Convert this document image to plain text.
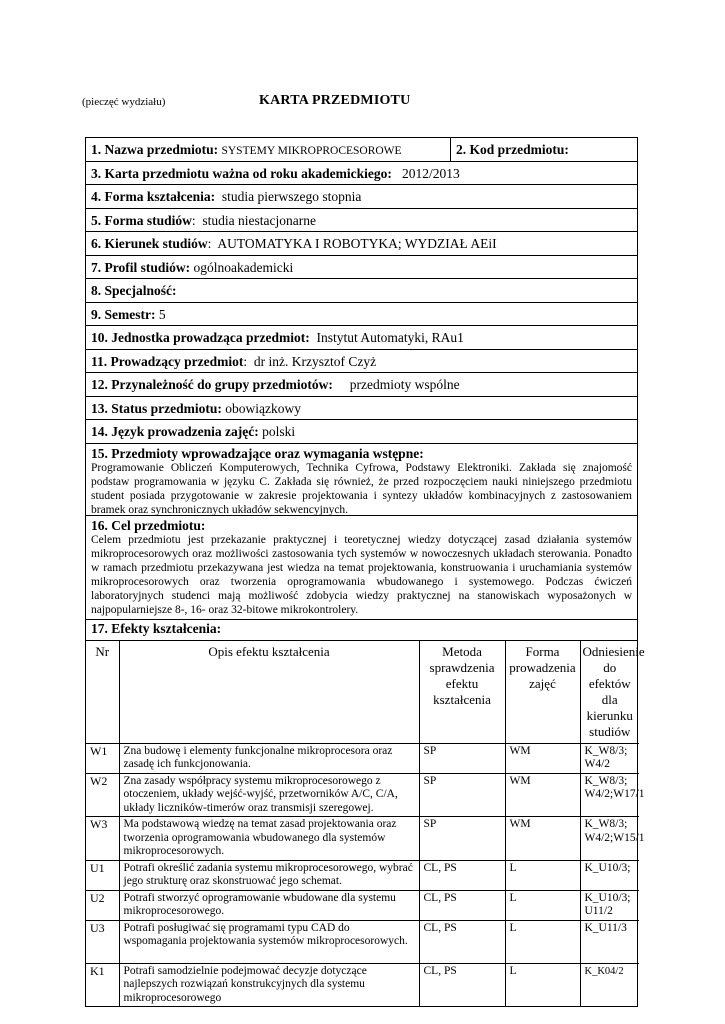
(pieczęć wydziału)	KARTA PRZEDMIOTU
1. Nazwa przedmiotu: SYSTEMY MIKROPROCESOROWE	2. Kod przedmiotu:
3. Karta przedmiotu ważna od roku akademickiego: 2012/2013
4. Forma kształcenia: studia pierwszego stopnia
5. Forma studiów:  studia niestacjonarne
6. Kierunek studiów:  AUTOMATYKA I ROBOTYKA; WYDZIAŁ AEiI
7. Profil studiów: ogólnoakademicki
8. Specjalność:
9. Semestr: 5
10. Jednostka prowadząca przedmiot: Instytut Automatyki, RAu1
11. Prowadzący przedmiot:  dr inż. Krzysztof Czyż
12. Przynależność do grupy przedmiotów: przedmioty wspólne
13. Status przedmiotu: obowiązkowy
14. Język prowadzenia zajęć: polski
15. Przedmioty wprowadzające oraz wymagania wstępne:
Programowanie Obliczeń Komputerowych, Technika Cyfrowa, Podstawy Elektroniki. Zakłada się znajomość podstaw programowania w języku C. Zakłada się również, że przed rozpoczęciem nauki niniejszego przedmiotu student posiada przygotowanie w zakresie projektowania i syntezy układów kombinacyjnych z zastosowaniem bramek oraz synchronicznych układów sekwencyjnych.
16. Cel przedmiotu:
Celem przedmiotu jest przekazanie praktycznej i teoretycznej wiedzy dotyczącej zasad działania systemów mikroprocesorowych oraz możliwości zastosowania tych systemów w nowoczesnych układach sterowania. Ponadto w ramach przedmiotu przekazywana jest wiedza na temat projektowania, konstruowania i uruchamiania systemów mikroprocesorowych oraz tworzenia oprogramowania wbudowanego i systemowego. Podczas ćwiczeń laboratoryjnych studenci mają możliwość zdobycia wiedzy praktycznej na stanowiskach wyposażonych w najpopularniejsze 8-, 16- oraz 32-bitowe mikrokontrolery.
17. Efekty kształcenia:
Nr	Opis efektu kształcenia	Metoda sprawdzenia efektu kształcenia	Forma prowadzenia zajęć	Odniesienie do efektów dla kierunku studiów
W1	Zna budowę i elementy funkcjonalne mikroprocesora oraz zasadę ich funkcjonowania.	SP	WM	K_W8/3; W4/2
W2	Zna zasady współpracy systemu mikroprocesorowego z otoczeniem, układy wejść-wyjść, przetworników A/C, C/A, układy liczników-timerów oraz transmisji szeregowej.	SP	WM	K_W8/3; W4/2;W17/1
W3	Ma podstawową wiedzę na temat zasad projektowania oraz tworzenia oprogramowania wbudowanego dla systemów mikroprocesorowych.	SP	WM	K_W8/3; W4/2;W15/1
U1	Potrafi określić zadania systemu mikroprocesorowego, wybrać jego strukturę oraz skonstruować jego schemat.	CL, PS	L	K_U10/3;
U2	Potrafi stworzyć oprogramowanie wbudowane dla systemu mikroprocesorowego.	CL, PS	L	K_U10/3; U11/2
U3	Potrafi posługiwać się programami typu CAD do wspomagania projektowania systemów mikroprocesorowych.	CL, PS	L	K_U11/3
K1	Potrafi samodzielnie podejmować decyzje dotyczące najlepszych rozwiązań konstrukcyjnych dla systemu mikroprocesorowego	CL, PS	L	K_K04/2
